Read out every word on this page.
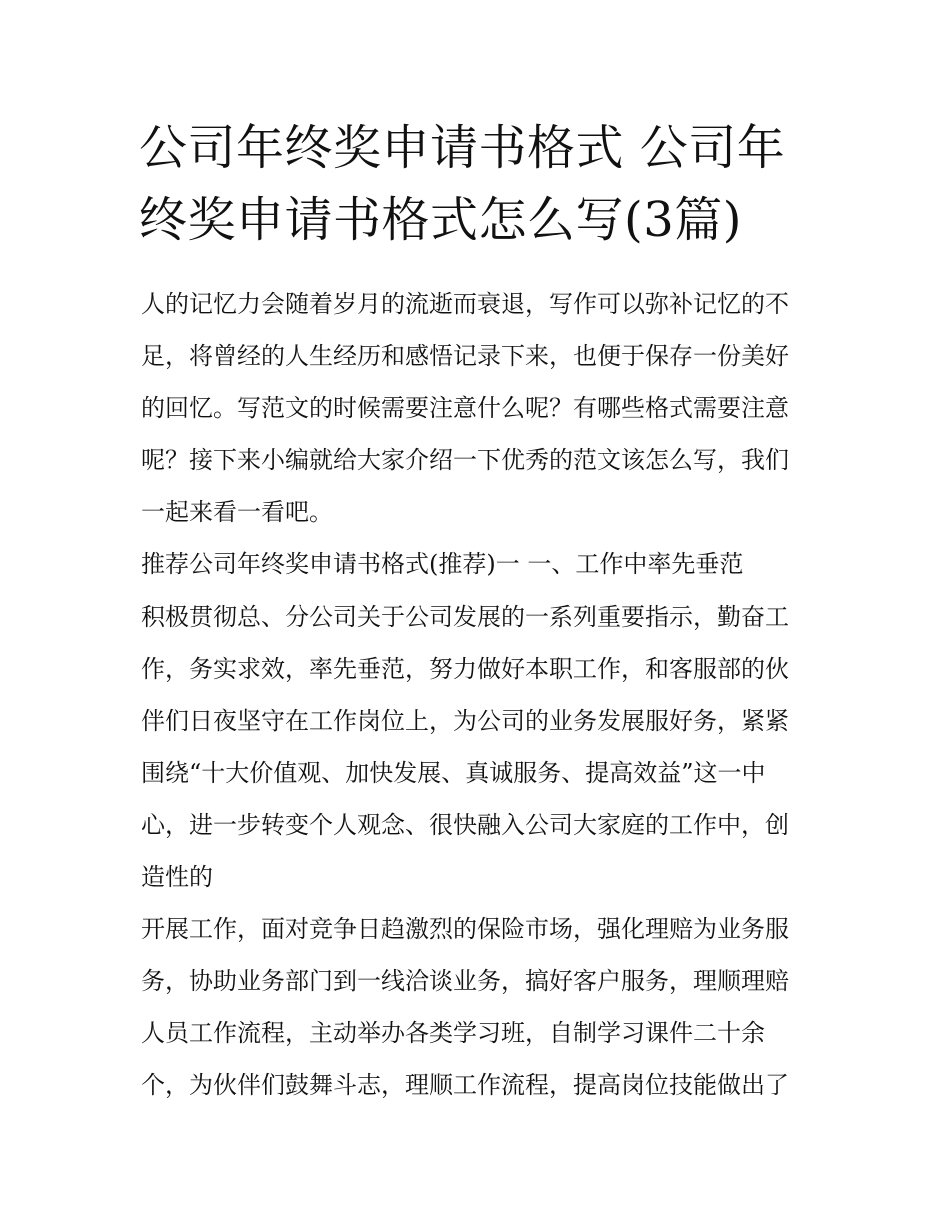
公司年终奖申请书格式 公司年
终奖申请书格式怎么写(3篇)
人的记忆力会随着岁月的流逝而衰退，写作可以弥补记忆的不
足，将曾经的人生经历和感悟记录下来，也便于保存一份美好
的回忆。写范文的时候需要注意什么呢？有哪些格式需要注意
呢？接下来小编就给大家介绍一下优秀的范文该怎么写，我们
一起来看一看吧。
推荐公司年终奖申请书格式(推荐)一 一、工作中率先垂范
积极贯彻总、分公司关于公司发展的一系列重要指示，勤奋工
作，务实求效，率先垂范，努力做好本职工作，和客服部的伙
伴们日夜坚守在工作岗位上，为公司的业务发展服好务，紧紧
围绕“十大价值观、加快发展、真诚服务、提高效益”这一中
心，进一步转变个人观念、很快融入公司大家庭的工作中，创
造性的
开展工作，面对竞争日趋激烈的保险市场，强化理赔为业务服
务，协助业务部门到一线洽谈业务，搞好客户服务，理顺理赔
人员工作流程，主动举办各类学习班，自制学习课件二十余
个，为伙伴们鼓舞斗志，理顺工作流程，提高岗位技能做出了
